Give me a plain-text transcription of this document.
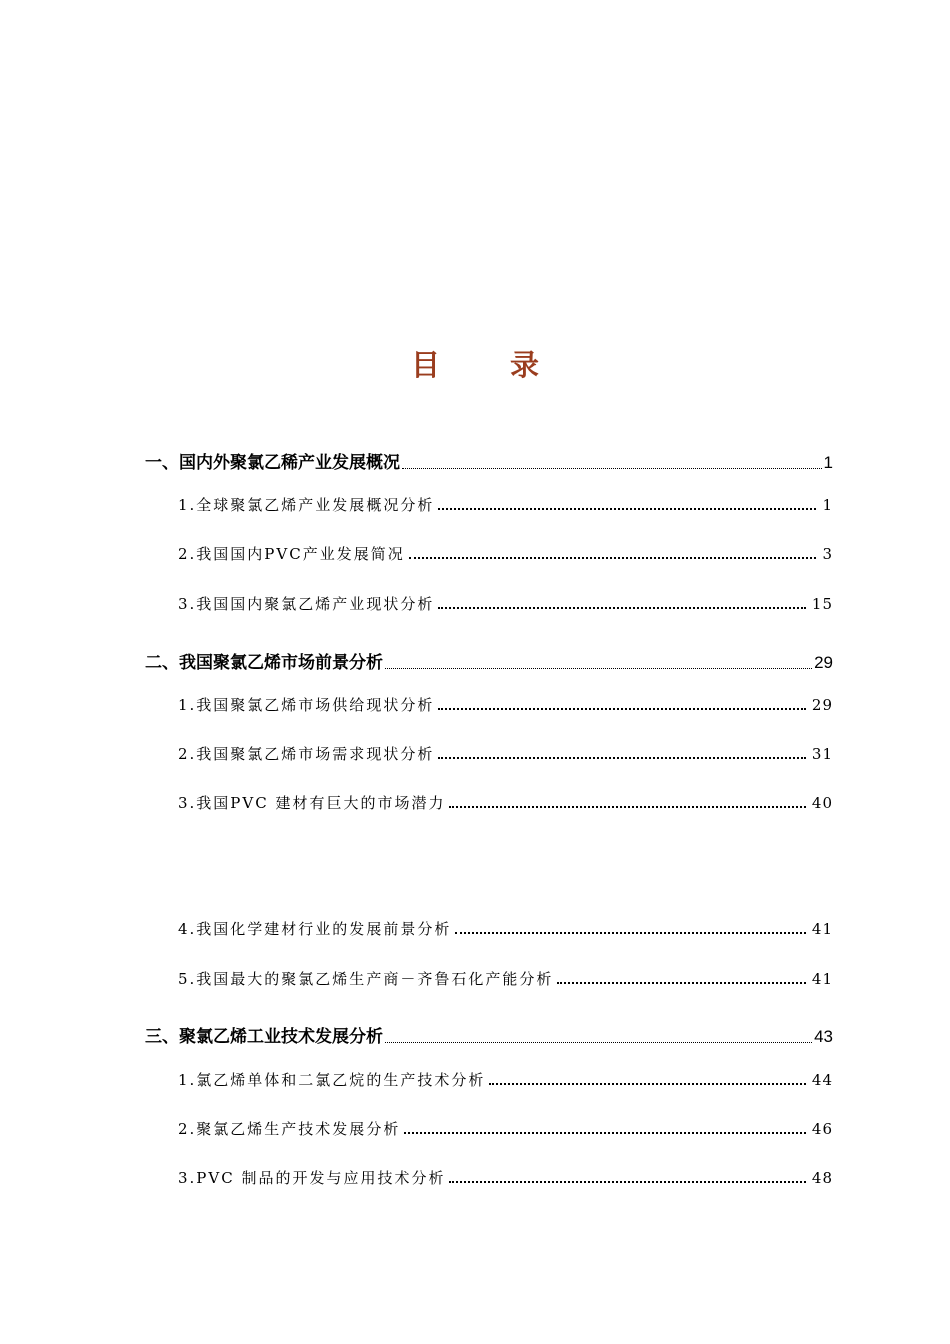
目 录
一、国内外聚氯乙稀产业发展概况	1
1.全球聚氯乙烯产业发展概况分析	1
2.我国国内PVC产业发展简况	3
3.我国国内聚氯乙烯产业现状分析	15
二、我国聚氯乙烯市场前景分析	29
1.我国聚氯乙烯市场供给现状分析	29
2.我国聚氯乙烯市场需求现状分析	31
3.我国PVC 建材有巨大的市场潜力	40
4.我国化学建材行业的发展前景分析	41
5.我国最大的聚氯乙烯生产商－齐鲁石化产能分析	41
三、聚氯乙烯工业技术发展分析	43
1.氯乙烯单体和二氯乙烷的生产技术分析	44
2.聚氯乙烯生产技术发展分析	46
3.PVC 制品的开发与应用技术分析	48
